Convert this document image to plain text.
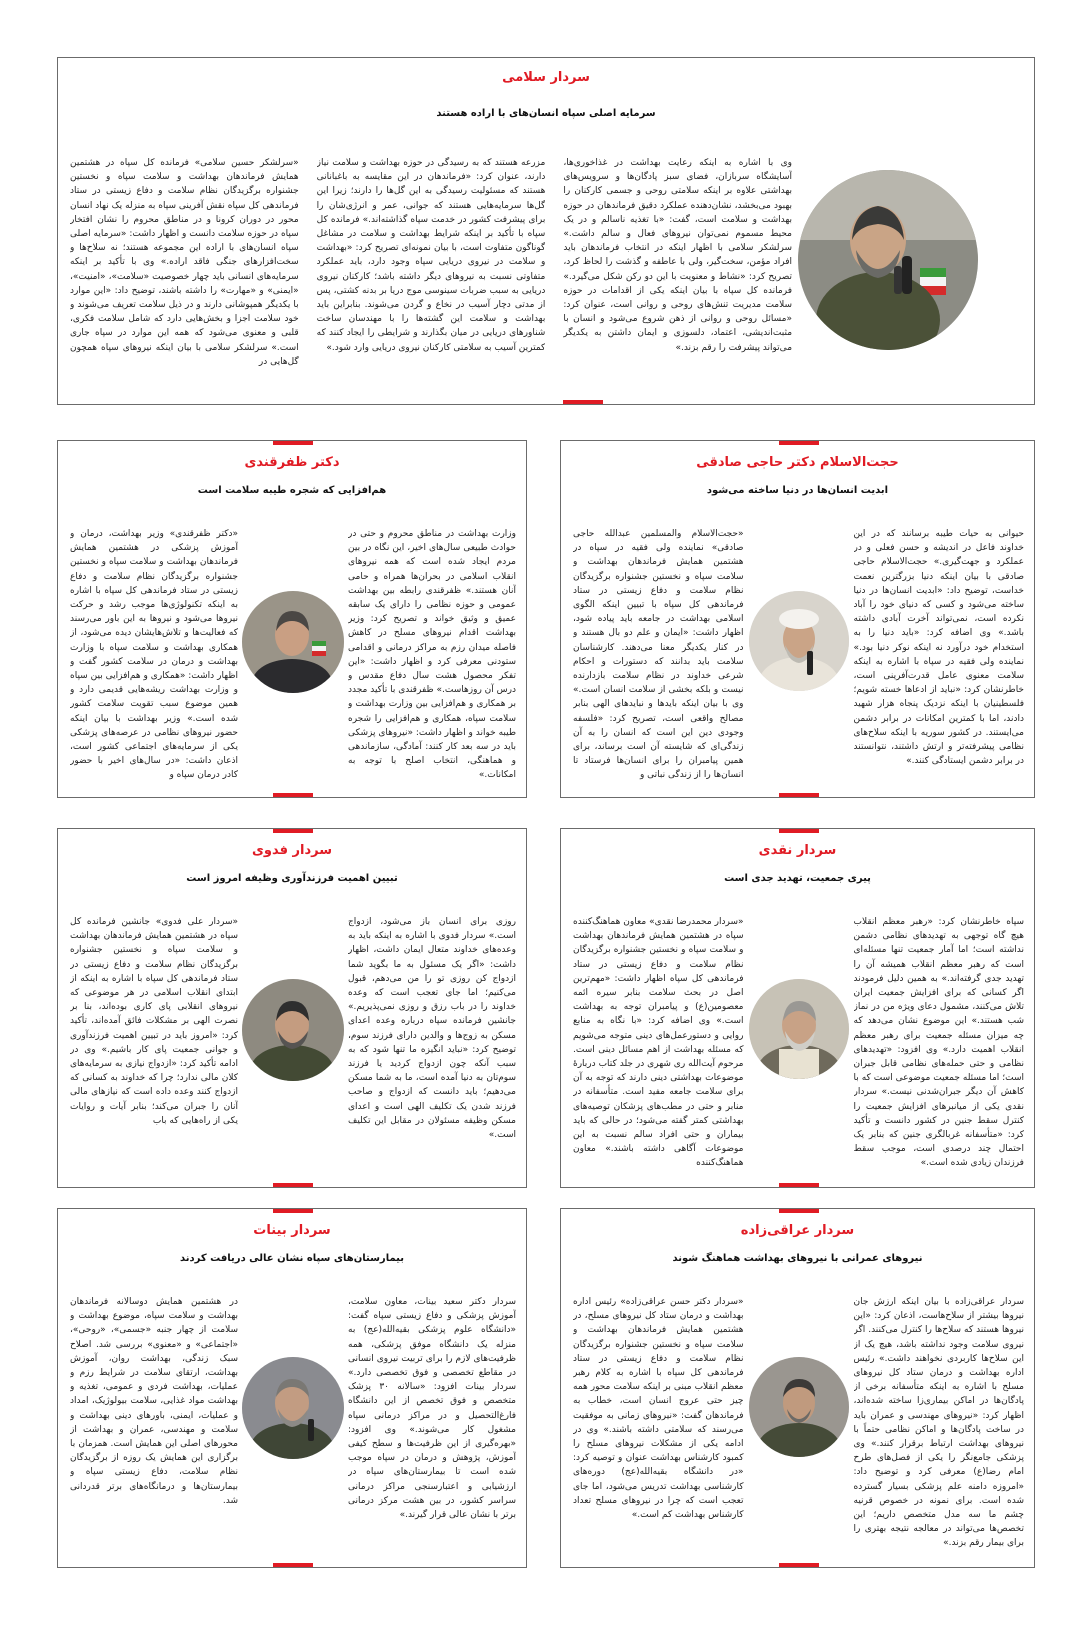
سردار سلامی
سرمایه اصلی سپاه انسان‌های با اراده هستند
«سرلشکر حسین سلامی» فرمانده کل سپاه در هشتمین همایش فرماندهان بهداشت و سلامت سپاه و نخستین جشنواره برگزیدگان نظام سلامت و دفاع زیستی در ستاد فرماندهی کل سپاه نقش آفرینی سپاه به منزله یک نهاد انسان محور در دوران کرونا و در مناطق محروم را نشان افتخار سپاه در حوزه سلامت دانست و اظهار داشت: «سرمایه اصلی سپاه انسان‌های با اراده این مجموعه هستند؛ نه سلاح‌ها و سخت‌افزارهای جنگی فاقد اراده.» وی با تأکید بر اینکه سرمایه‌های انسانی باید چهار خصوصیت «سلامت»، «امنیت»، «ایمنی» و «مهارت» را داشته باشند، توضیح داد: «این موارد با یکدیگر همپوشانی دارند و در ذیل سلامت تعریف می‌شوند و خود سلامت اجزا و بخش‌هایی دارد که شامل سلامت فکری، قلبی و معنوی می‌شود که همه این موارد در سپاه جاری است.» سرلشکر سلامی با بیان اینکه نیروهای سپاه همچون گل‌هایی در
مزرعه هستند که به رسیدگی در حوزه بهداشت و سلامت نیاز دارند، عنوان کرد: «فرماندهان در این مقایسه به باغبانانی هستند که مسئولیت رسیدگی به این گل‌ها را دارند؛ زیرا این گل‌ها سرمایه‌هایی هستند که جوانی، عمر و انرژی‌شان را برای پیشرفت کشور در خدمت سپاه گذاشته‌اند.» فرمانده کل سپاه با تأکید بر اینکه شرایط بهداشت و سلامت در مشاغل گوناگون متفاوت است، با بیان نمونه‌ای تصریح کرد: «بهداشت و سلامت در نیروی دریایی سپاه وجود دارد، باید عملکرد متفاوتی نسبت به نیروهای دیگر داشته باشد؛ کارکنان نیروی دریایی به سبب ضربات سینوسی موج دریا بر بدنه کشتی، پس از مدتی دچار آسیب در نخاع و گردن می‌شوند. بنابراین باید بهداشت و سلامت این گشته‌ها را با مهندسان ساخت شناورهای دریایی در میان بگذارند و شرایطی را ایجاد کنند که کمترین آسیب به سلامتی کارکنان نیروی دریایی وارد شود.»
وی با اشاره به اینکه رعایت بهداشت در غذاخوری‌ها، آسایشگاه سربازان، فضای سبز پادگان‌ها و سرویس‌های بهداشتی علاوه بر اینکه سلامتی روحی و جسمی کارکنان را بهبود می‌بخشد، نشان‌دهنده عملکرد دقیق فرماندهان در حوزه بهداشت و سلامت است، گفت: «با تغذیه ناسالم و در یک محیط مسموم نمی‌توان نیروهای فعال و سالم داشت.» سرلشکر سلامی با اظهار اینکه در انتخاب فرماندهان باید افراد مؤمن، سخت‌گیر، ولی با عاطفه و گذشت را لحاظ کرد، تصریح کرد: «نشاط و معنویت با این دو رکن شکل می‌گیرد.» فرمانده کل سپاه با بیان اینکه یکی از اقدامات در حوزه سلامت مدیریت تنش‌های روحی و روانی است، عنوان کرد: «مسائل روحی و روانی از ذهن شروع می‌شود و انسان با مثبت‌اندیشی، اعتماد، دلسوزی و ایمان داشتن به یکدیگر می‌تواند پیشرفت را رقم بزند.»
دکتر ظفرقندی
هم‌افزایی که شجره طیبه سلامت است
«دکتر ظفرقندی» وزیر بهداشت، درمان و آموزش پزشکی در هشتمین همایش فرماندهان بهداشت و سلامت سپاه و نخستین جشنواره برگزیدگان نظام سلامت و دفاع زیستی در ستاد فرماندهی کل سپاه با اشاره به اینکه تکنولوژی‌ها موجب رشد و حرکت نیروها می‌شود و نیروها به این باور می‌رسند که فعالیت‌ها و تلاش‌هایشان دیده می‌شود، از همکاری بهداشت و سلامت سپاه با وزارت بهداشت و درمان در سلامت کشور گفت و اظهار داشت: «همکاری و هم‌افزایی بین سپاه و وزارت بهداشت ریشه‌هایی قدیمی دارد و همین موضوع سبب تقویت سلامت کشور شده است.» وزیر بهداشت با بیان اینکه حضور نیروهای نظامی در عرصه‌های پزشکی یکی از سرمایه‌های اجتماعی کشور است، اذعان داشت: «در سال‌های اخیر با حضور کادر درمان سپاه و
وزارت بهداشت در مناطق محروم و حتی در حوادث طبیعی سال‌های اخیر، این نگاه در بین مردم ایجاد شده است که همه نیروهای انقلاب اسلامی در بحران‌ها همراه و حامی آنان هستند.» ظفرقندی رابطه بین بهداشت عمومی و حوزه نظامی را دارای یک سابقه عمیق و وثیق خواند و تصریح کرد: وزیر بهداشت اقدام نیروهای مسلح در کاهش فاصله میدان رزم به مراکز درمانی و اقدامی ستودنی معرفی کرد و اظهار داشت: «این تفکر محصول هشت سال دفاع مقدس و درس آن روزهاست.» ظفرقندی با تأکید مجدد بر همکاری و هم‌افزایی بین وزارت بهداشت و سلامت سپاه، همکاری و هم‌افزایی را شجره طیبه خواند و اظهار داشت: «نیروهای پزشکی باید در سه بعد کار کنند: آمادگی، سازماندهی و هماهنگی، انتخاب اصلح با توجه به امکانات.»
حجت‌الاسلام دکتر حاجی صادقی
ابدیت انسان‌ها در دنیا ساخته می‌شود
«حجت‌الاسلام والمسلمین عبدالله حاجی صادقی» نماینده ولی فقیه در سپاه در هشتمین همایش فرماندهان بهداشت و سلامت سپاه و نخستین جشنواره برگزیدگان نظام سلامت و دفاع زیستی در ستاد فرماندهی کل سپاه با تبیین اینکه الگوی اسلامی بهداشت در جامعه باید پیاده شود، اظهار داشت: «ایمان و علم دو بال هستند و در کنار یکدیگر معنا می‌دهند. کارشناسان سلامت باید بدانند که دستورات و احکام شرعی خداوند در نظام سلامت بازدارنده نیست و بلکه بخشی از سلامت انسان است.» وی با بیان اینکه بایدها و نبایدهای الهی بنابر مصالح واقعی است، تصریح کرد: «فلسفه وجودی دین این است که انسان را به آن زندگی‌ای که شایسته آن است برساند، برای همین پیامبران را برای انسان‌ها فرستاد تا انسان‌ها را از زندگی نباتی و
حیوانی به حیات طیبه برسانند که در این خداوند فاعل در اندیشه و حسن فعلی و در عملکرد و جهت‌گیری.» حجت‌الاسلام حاجی صادقی با بیان اینکه دنیا بزرگترین نعمت خداست، توضیح داد: «ابدیت انسان‌ها در دنیا ساخته می‌شود و کسی که دنیای خود را آباد نکرده است، نمی‌تواند آخرت آبادی داشته باشد.» وی اضافه کرد: «باید دنیا را به استخدام خود درآورد نه اینکه نوکر دنیا بود.» نماینده ولی فقیه در سپاه با اشاره به اینکه سلامت معنوی عامل قدرت‌آفرینی است، خاطرنشان کرد: «نباید از ادعاها خسته شویم؛ فلسطینیان با اینکه نزدیک پنجاه هزار شهید دادند، اما با کمترین امکانات در برابر دشمن می‌ایستند. در کشور سوریه با اینکه سلاح‌های نظامی پیشرفته‌تر و ارتش داشتند، نتوانستند در برابر دشمن ایستادگی کنند.»
سردار فدوی
تبیین اهمیت فرزندآوری وظیفه امروز است
«سردار علی فدوی» جانشین فرمانده کل سپاه در هشتمین همایش فرماندهان بهداشت و سلامت سپاه و نخستین جشنواره برگزیدگان نظام سلامت و دفاع زیستی در ستاد فرماندهی کل سپاه با اشاره به اینکه از ابتدای انقلاب اسلامی در هر موضوعی که نیروهای انقلابی پای کاری بوده‌اند، بنا بر نصرت الهی بر مشکلات فائق آمده‌اند، تأکید کرد: «امروز باید در تبیین اهمیت فرزندآوری و جوانی جمعیت پای کار باشیم.» وی در ادامه تأکید کرد: «ازدواج نیازی به سرمایه‌های کلان مالی ندارد؛ چرا که خداوند به کسانی که ازدواج کنند وعده داده است که نیازهای مالی آنان را جبران می‌کند؛ بنابر آیات و روایات یکی از راه‌هایی که باب
روزی برای انسان باز می‌شود، ازدواج است.» سردار فدوی با اشاره به اینکه باید به وعده‌های خداوند متعال ایمان داشت، اظهار داشت: «اگر یک مسئول به ما بگوید شما ازدواج کن روزی تو را من می‌دهم، قبول می‌کنیم؛ اما جای تعجب است که وعده خداوند را در باب رزق و روزی نمی‌پذیریم.» جانشین فرمانده سپاه درباره وعده اعدای مسکن به زوج‌ها و والدین دارای فرزند سوم، توضیح کرد: «نباید انگیزه ما تنها شود که به سبب آنکه چون ازدواج کردید یا فرزند سوم‌تان به دنیا آمده است، ما به شما مسکن می‌دهیم؛ باید دانست که ازدواج و صاحب فرزند شدن یک تکلیف الهی است و اعدای مسکن وظیفه مسئولان در مقابل این تکلیف است.»
سردار نقدی
پیری جمعیت، تهدید جدی است
«سردار محمدرضا نقدی» معاون هماهنگ‌کننده سپاه در هشتمین همایش فرماندهان بهداشت و سلامت سپاه و نخستین جشنواره برگزیدگان نظام سلامت و دفاع زیستی در ستاد فرماندهی کل سپاه اظهار داشت: «مهم‌ترین اصل در بحث سلامت بنابر سیره ائمه معصومین(ع) و پیامبران توجه به بهداشت است.» وی اضافه کرد: «با نگاه به منابع روایی و دستورعمل‌های دینی متوجه می‌شویم که مسئله بهداشت از اهم مسائل دینی است. مرحوم آیت‌الله ری شهری در جلد کتاب دربارهٔ موضوعات بهداشتی دینی دارند که توجه به آن برای سلامت جامعه مفید است. متأسفانه در منابر و حتی در مطب‌های پزشکان توصیه‌های بهداشتی کمتر گفته می‌شود؛ در حالی که باید بیماران و حتی افراد سالم نسبت به این موضوعات آگاهی داشته باشند.» معاون هماهنگ‌کننده
سپاه خاطرنشان کرد: «رهبر معظم انقلاب هیچ گاه توجهی به تهدیدهای نظامی دشمن نداشته است؛ اما آمار جمعیت تنها مسئله‌ای است که رهبر معظم انقلاب همیشه آن را تهدید جدی گرفته‌اند.» به همین دلیل فرمودند اگر کسانی که برای افزایش جمعیت ایران تلاش می‌کنند، مشمول دعای ویژه من در نماز شب هستند.» این موضوع نشان می‌دهد که چه میزان مسئله جمعیت برای رهبر معظم انقلاب اهمیت دارد.» وی افزود: «تهدیدهای نظامی و حتی حمله‌های نظامی قابل جبران است؛ اما مسئله جمعیت موضوعی است که با کاهش آن دیگر جبران‌شدنی نیست.» سردار نقدی یکی از میانبرهای افزایش جمعیت را کنترل سقط جنین در کشور دانست و تأکید کرد: «متأسفانه غربالگری جنین که بنابر یک احتمال چند درصدی است، موجب سقط فرزندان زیادی شده است.»
سردار بینات
بیمارستان‌های سپاه نشان عالی دریافت کردند
در هشتمین همایش دوسالانه فرماندهان بهداشت و سلامت سپاه، موضوع بهداشت و سلامت از چهار جنبه «جسمی»، «روحی»، «اجتماعی» و «معنوی» بررسی شد. اصلاح سبک زندگی، بهداشت روان، آموزش بهداشت، ارتقای سلامت در شرایط رزم و عملیات، بهداشت فردی و عمومی، تغذیه و بهداشت مواد غذایی، سلامت بیولوژیک، امداد و عملیات، ایمنی، باورهای دینی بهداشت و سلامت و مهندسی، عمران و بهداشت از محورهای اصلی این همایش است. همزمان با برگزاری این همایش یک روزه از برگزیدگان نظام سلامت، دفاع زیستی سپاه و بیمارستان‌ها و درمانگاه‌های برتر قدردانی شد.
سردار دکتر سعید بینات، معاون سلامت، آموزش پزشکی و دفاع زیستی سپاه گفت: «دانشگاه علوم پزشکی بقیه‌الله(عج) به منزله یک دانشگاه موفق پزشکی، همه ظرفیت‌های لازم را برای تربیت نیروی انسانی در مقاطع تخصصی و فوق تخصصی دارد.» سردار بینات افزود: «سالانه ۳۰ پزشک متخصص و فوق تخصص از این دانشگاه فارغ‌التحصیل و در مراکز درمانی سپاه مشغول کار می‌شوند.» وی افزود: «بهره‌گیری از این ظرفیت‌ها و سطح کیفی آموزش، پژوهش و درمان در سپاه موجب شده است تا بیمارستان‌های سپاه در ارزشیابی و اعتبارسنجی مراکز درمانی سراسر کشور، در بین هشت مرکز درمانی برتر با نشان عالی قرار گیرند.»
سردار عراقی‌زاده
نیروهای عمرانی با نیروهای بهداشت هماهنگ شوند
«سردار دکتر حسن عراقی‌زاده» رئیس اداره بهداشت و درمان ستاد کل نیروهای مسلح، در هشتمین همایش فرماندهان بهداشت و سلامت سپاه و نخستین جشنواره برگزیدگان نظام سلامت و دفاع زیستی در ستاد فرماندهی کل سپاه با اشاره به کلام رهبر معظم انقلاب مبنی بر اینکه سلامت محور همه چیز حتی عروج انسان است، خطاب به فرماندهان گفت: «نیروهای زمانی به موفقیت می‌رسند که سلامتی داشته باشند.» وی در ادامه یکی از مشکلات نیروهای مسلح را کمبود کارشناس بهداشت عنوان و توصیه کرد: «در دانشگاه بقیه‌الله(عج) دوره‌های کارشناسی بهداشت تدریس می‌شود، اما جای تعجب است که چرا در نیروهای مسلح تعداد کارشناس بهداشت کم است.»
سردار عراقی‌زاده با بیان اینکه ارزش جان نیروها بیشتر از سلاح‌هاست، اذعان کرد: «این نیروها هستند که سلاح‌ها را کنترل می‌کنند. اگر نیروی سلامت وجود نداشته باشد، هیچ یک از این سلاح‌ها کاربردی نخواهند داشت.» رئیس اداره بهداشت و درمان ستاد کل نیروهای مسلح با اشاره به اینکه متأسفانه برخی از پادگان‌ها در اماکن بیماری‌زا ساخته شده‌اند، اظهار کرد: «نیروهای مهندسی و عمران باید در ساخت پادگان‌ها و اماکن نظامی حتماً با نیروهای بهداشت ارتباط برقرار کنند.» وی پزشکی جامع‌نگر را یکی از فصل‌های طرح امام رضا(ع) معرفی کرد و توضیح داد: «امروزه دامنه علم پزشکی بسیار گسترده شده است. برای نمونه در خصوص قرنیه چشم ما سه مدل متخصص داریم؛ این تخصص‌ها می‌تواند در معالجه نتیجه بهتری را برای بیمار رقم بزند.»
